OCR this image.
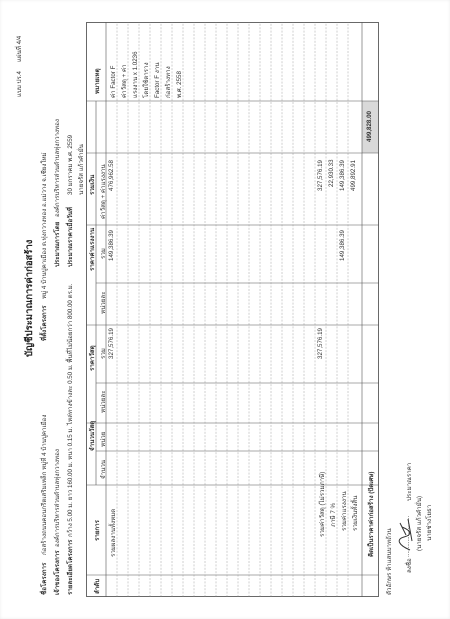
แบบ ปร.4
แผ่นที่ 4/4
บัญชีประมาณการค่าก่อสร้าง
ชื่อโครงการ
ก่อสร้างถนนคอนกรีตเสริมเหล็ก หมู่ที่ 4 บ้านปูคาเมือง
ที่ตั้งโครงการ
หมู่ 4 บ้านปูคาเมือง ต.ทุ่งกวางทอง อ.แม่วาง จ.เชียงใหม่
เจ้าของโครงการ
องค์การบริหารส่วนตำบลทุ่งกวางทอง
ประมาณการโดย
องค์การบริหารส่วนตำบลทุ่งกวางทอง
รายละเอียดโครงการ
กว้าง 5.00 ม. ยาว 160.00 ม. หนา 0.15 ม. ไหล่ทางข้างละ 0.50 ม. พื้นที่ไม่น้อยกว่า 800.00 ตร.ม.
ประมาณราคาเมื่อวันที่
30 มกราคม พ.ศ. 2559 นายจรัส แก้วคำมั่น
ลำดับ
รายการ
จำนวนวัสดุ
จำนวน
หน่วย
ราคาวัสดุ
หน่วยละ
รวม
ราคาค่าแรงงาน
หน่วยละ
รวม
รวมเงิน ค่าวัสดุ + ค่าแรงงาน
หมายเหตุ
รวมผลงานทั้งหมด
327,576.19
149,386.39
476,962.58
ค่า Factor F ค่าวัสดุ + ค่า แรงงาน x 1.0236 โดยใช้ตาราง Factor F งาน ก่อสร้างทาง พ.ศ. 2558
รวมค่าวัสดุ (ไม่รวมภาษี)
327,576.19
327,576.19
ภาษี 7 %
22,930.33
รวมค่าแรงงาน
149,386.39
149,386.39
รวมเงินทั้งสิ้น
499,892.91
คิดเป็นราคาค่าก่อสร้าง (ปัดเศษ)
499,828.00
ตัวอักษร ห้าแสนบาทถ้วน	ลงชื่อ
........................
ประมาณราคา
(นายจรัส แก้วคำมั่น) นายช่างโยธา
